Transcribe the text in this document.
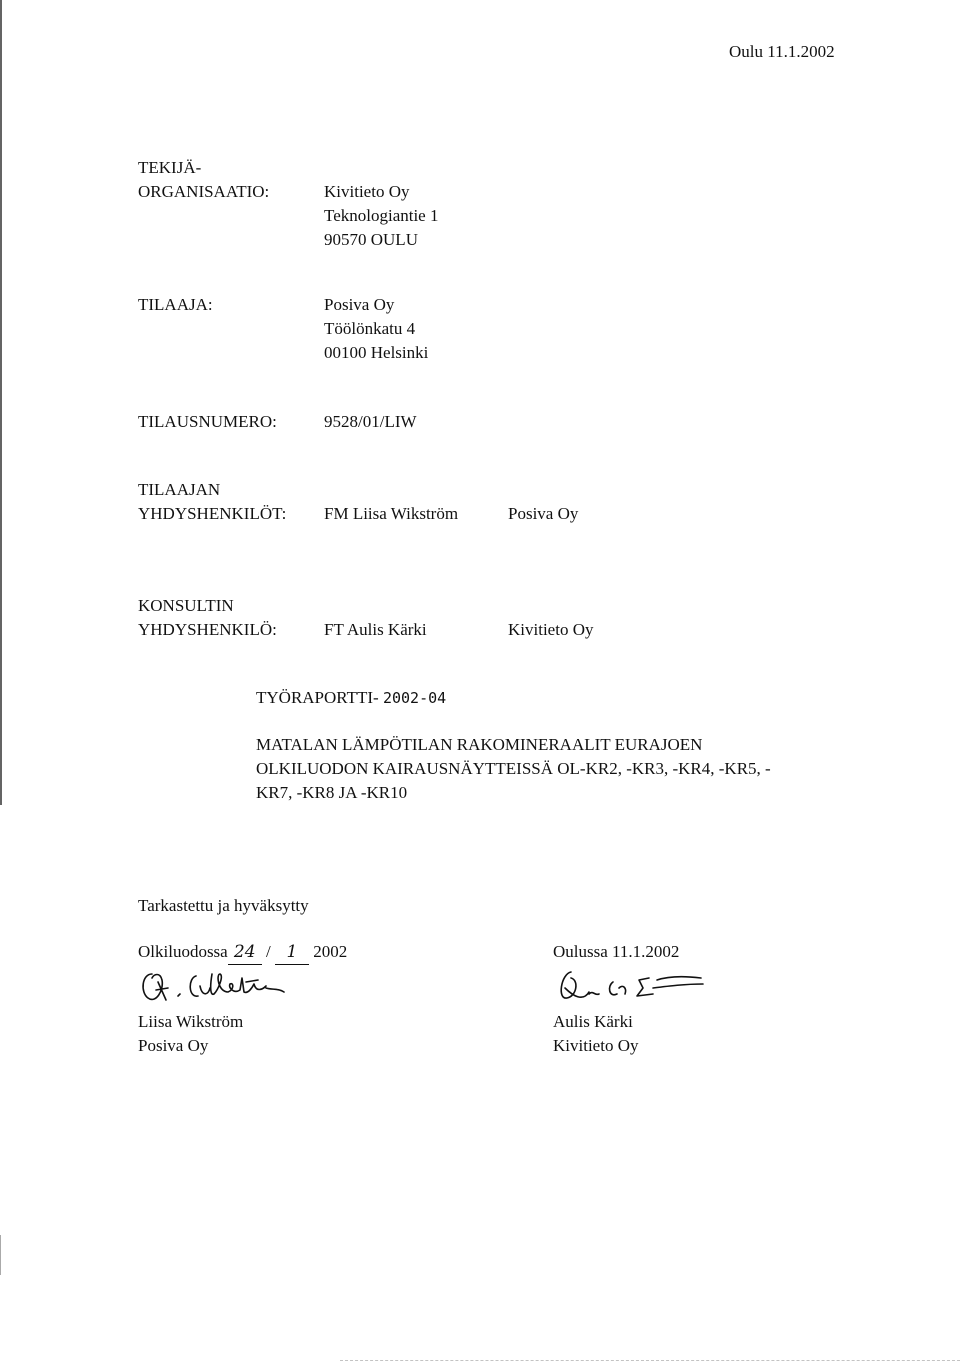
Oulu 11.1.2002
TEKIJÄ-
ORGANISAATIO:	Kivitieto Oy
Teknologiantie 1
90570 OULU
TILAAJA:	Posiva Oy
Töölönkatu 4
00100 Helsinki
TILAUSNUMERO:	9528/01/LIW
TILAAJAN
YHDYSHENKILÖT: FM Liisa Wikström	Posiva Oy
KONSULTIN
YHDYSHENKILÖ:	FT Aulis Kärki	Kivitieto Oy
TYÖRAPORTTI- 2002-04
MATALAN LÄMPÖTILAN RAKOMINERAALIT EURAJOEN
OLKILUODON KAIRAUSNÄYTTEISSÄ OL-KR2, -KR3, -KR4, -KR5, -
KR7, -KR8 JA -KR10
Tarkastettu ja hyväksytty
Olkiluodossa 24 / 1 2002	Oulussa 11.1.2002
Liisa Wikström
Posiva Oy
Aulis Kärki
Kivitieto Oy
